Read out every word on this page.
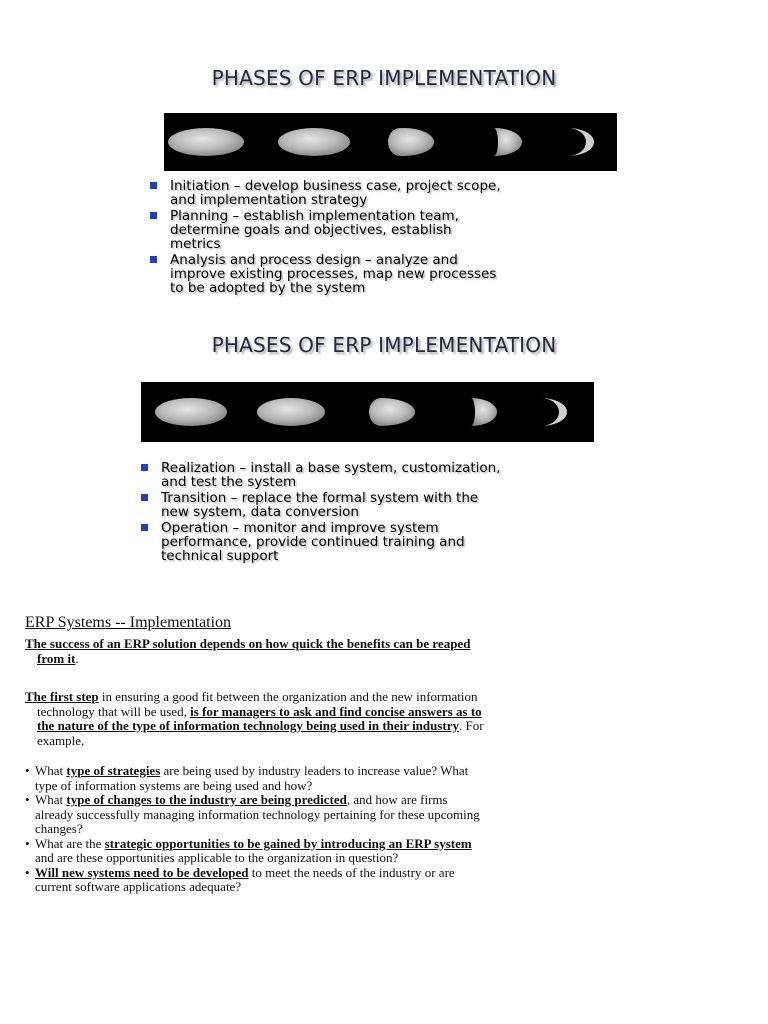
PHASES OF ERP IMPLEMENTATION
Initiation – develop business case, project scope,
and implementation strategy
Planning – establish implementation team,
determine goals and objectives, establish
metrics
Analysis and process design – analyze and
improve existing processes, map new processes
to be adopted by the system
PHASES OF ERP IMPLEMENTATION
Realization – install a base system, customization,
and test the system
Transition – replace the formal system with the
new system, data conversion
Operation – monitor and improve system
performance, provide continued training and
technical support
ERP Systems -- Implementation
The success of an ERP solution depends on how quick the benefits can be reaped
from it.
The first step in ensuring a good fit between the organization and the new information
technology that will be used, is for managers to ask and find concise answers as to
the nature of the type of information technology being used in their industry. For
example,
• What type of strategies are being used by industry leaders to increase value? What
type of information systems are being used and how?
• What type of changes to the industry are being predicted, and how are firms
already successfully managing information technology pertaining for these upcoming
changes?
• What are the strategic opportunities to be gained by introducing an ERP system
and are these opportunities applicable to the organization in question?
• Will new systems need to be developed to meet the needs of the industry or are
current software applications adequate?
